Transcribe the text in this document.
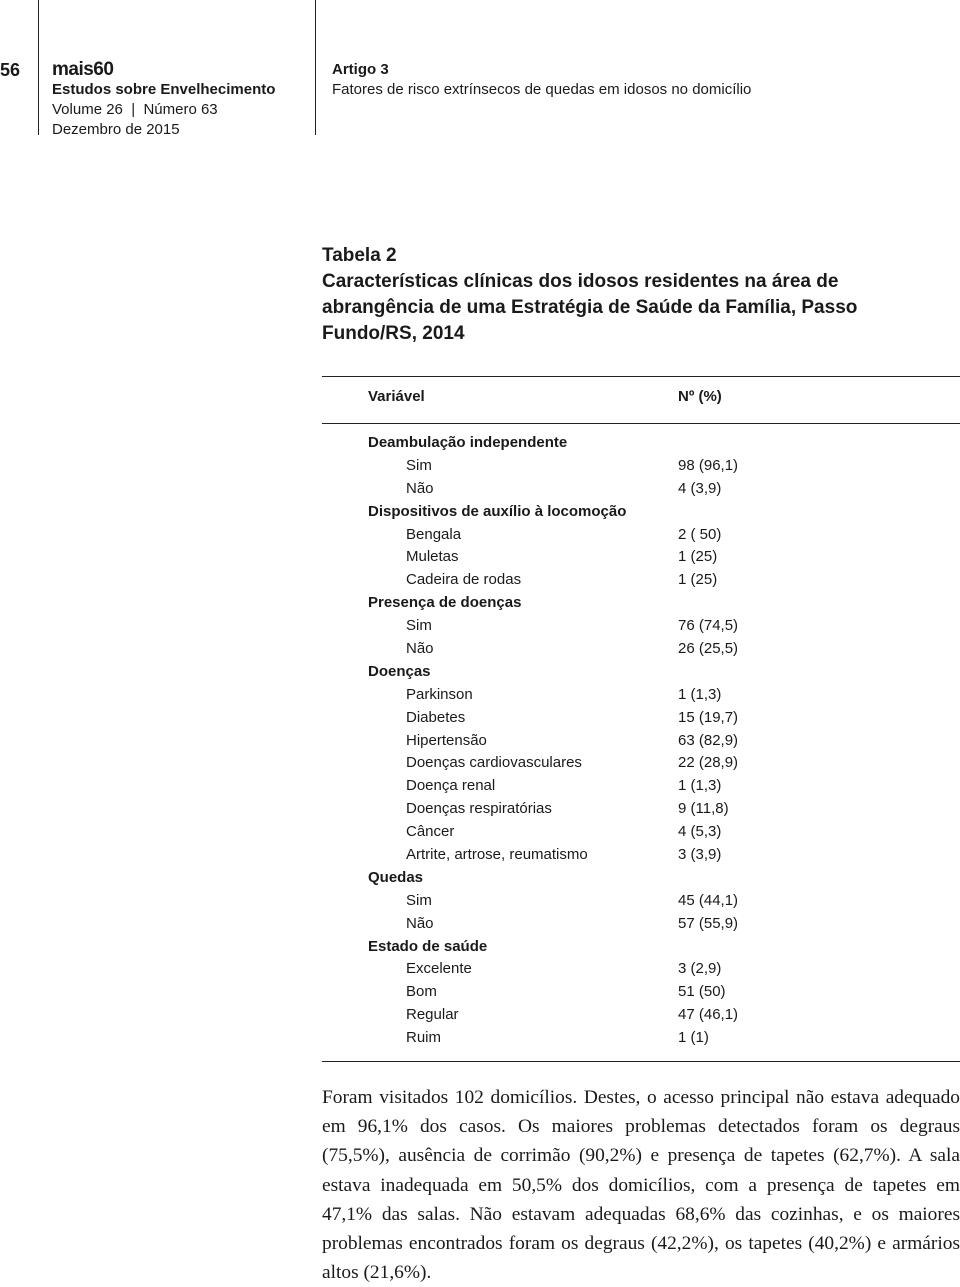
56	mais60
Estudos sobre Envelhecimento
Volume 26  |  Número 63
Dezembro de 2015
Artigo 3
Fatores de risco extrínsecos de quedas em idosos no domicílio
Tabela 2
Características clínicas dos idosos residentes na área de
abrangência de uma Estratégia de Saúde da Família, Passo
Fundo/RS, 2014
Variável	Nº (%)
Deambulação independente
Sim	98 (96,1)
Não	4 (3,9)
Dispositivos de auxílio à locomoção
Bengala	2 ( 50)
Muletas	1 (25)
Cadeira de rodas	1 (25)
Presença de doenças
Sim	76 (74,5)
Não	26 (25,5)
Doenças
Parkinson	1 (1,3)
Diabetes	15 (19,7)
Hipertensão	63 (82,9)
Doenças cardiovasculares	22 (28,9)
Doença renal	1 (1,3)
Doenças respiratórias	9 (11,8)
Câncer	4 (5,3)
Artrite, artrose, reumatismo	3 (3,9)
Quedas
Sim	45 (44,1)
Não	57 (55,9)
Estado de saúde
Excelente	3 (2,9)
Bom	51 (50)
Regular	47 (46,1)
Ruim	1 (1)
Foram visitados 102 domicílios. Destes, o acesso principal não estava adequado em 96,1% dos casos. Os maiores problemas detectados foram os degraus (75,5%), ausência de corrimão (90,2%) e presença de tapetes (62,7%). A sala estava inadequada em 50,5% dos domicílios, com a presença de tapetes em 47,1% das salas. Não estavam adequadas 68,6% das cozinhas, e os maiores problemas encontrados foram os degraus (42,2%), os tapetes (40,2%) e armários altos (21,6%).
